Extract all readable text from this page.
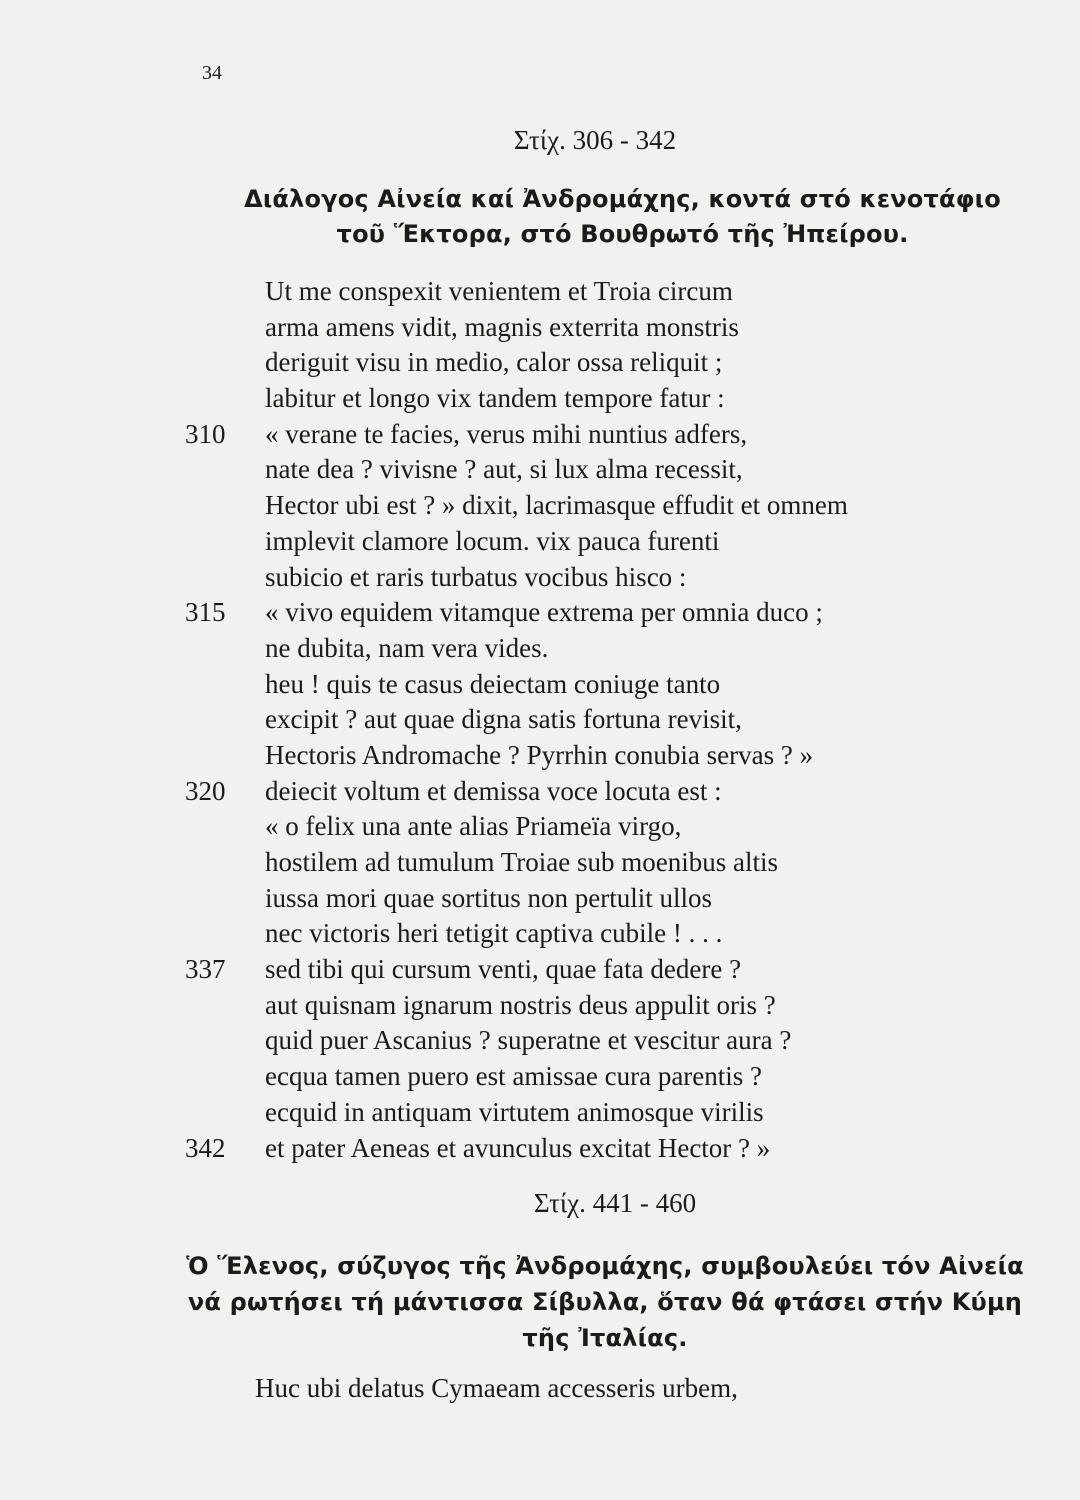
34
Στίχ. 306 - 342
Διάλογος Αἰνεία καί Ἀνδρομάχης, κοντά στό κενοτάφιο
τοῦ Ἕκτορα, στό Βουθρωτό τῆς Ἠπείρου.
Ut me conspexit venientem et Troia circum
arma amens vidit, magnis exterrita monstris
deriguit visu in medio, calor ossa reliquit ;
labitur et longo vix tandem tempore fatur :
310	« verane te facies, verus mihi nuntius adfers,
nate dea ? vivisne ? aut, si lux alma recessit,
Hector ubi est ? » dixit, lacrimasque effudit et omnem
implevit clamore locum. vix pauca furenti
subicio et raris turbatus vocibus hisco :
315	« vivo equidem vitamque extrema per omnia duco ;
ne dubita, nam vera vides.
heu ! quis te casus deiectam coniuge tanto
excipit ? aut quae digna satis fortuna revisit,
Hectoris Andromache ? Pyrrhin conubia servas ? »
320	deiecit voltum et demissa voce locuta est :
« o felix una ante alias Priameïa virgo,
hostilem ad tumulum Troiae sub moenibus altis
iussa mori quae sortitus non pertulit ullos
nec victoris heri tetigit captiva cubile ! . . .
337	sed tibi qui cursum venti, quae fata dedere ?
aut quisnam ignarum nostris deus appulit oris ?
quid puer Ascanius ? superatne et vescitur aura ?
ecqua tamen puero est amissae cura parentis ?
ecquid in antiquam virtutem animosque virilis
342	et pater Aeneas et avunculus excitat Hector ? »
Στίχ. 441 - 460
Ὁ Ἕλενος, σύζυγος τῆς Ἀνδρομάχης, συμβουλεύει τόν Αἰνεία
νά ρωτήσει τή μάντισσα Σίβυλλα, ὅταν θά φτάσει στήν Κύμη
τῆς Ἰταλίας.
Huc ubi delatus Cymaeam accesseris urbem,
